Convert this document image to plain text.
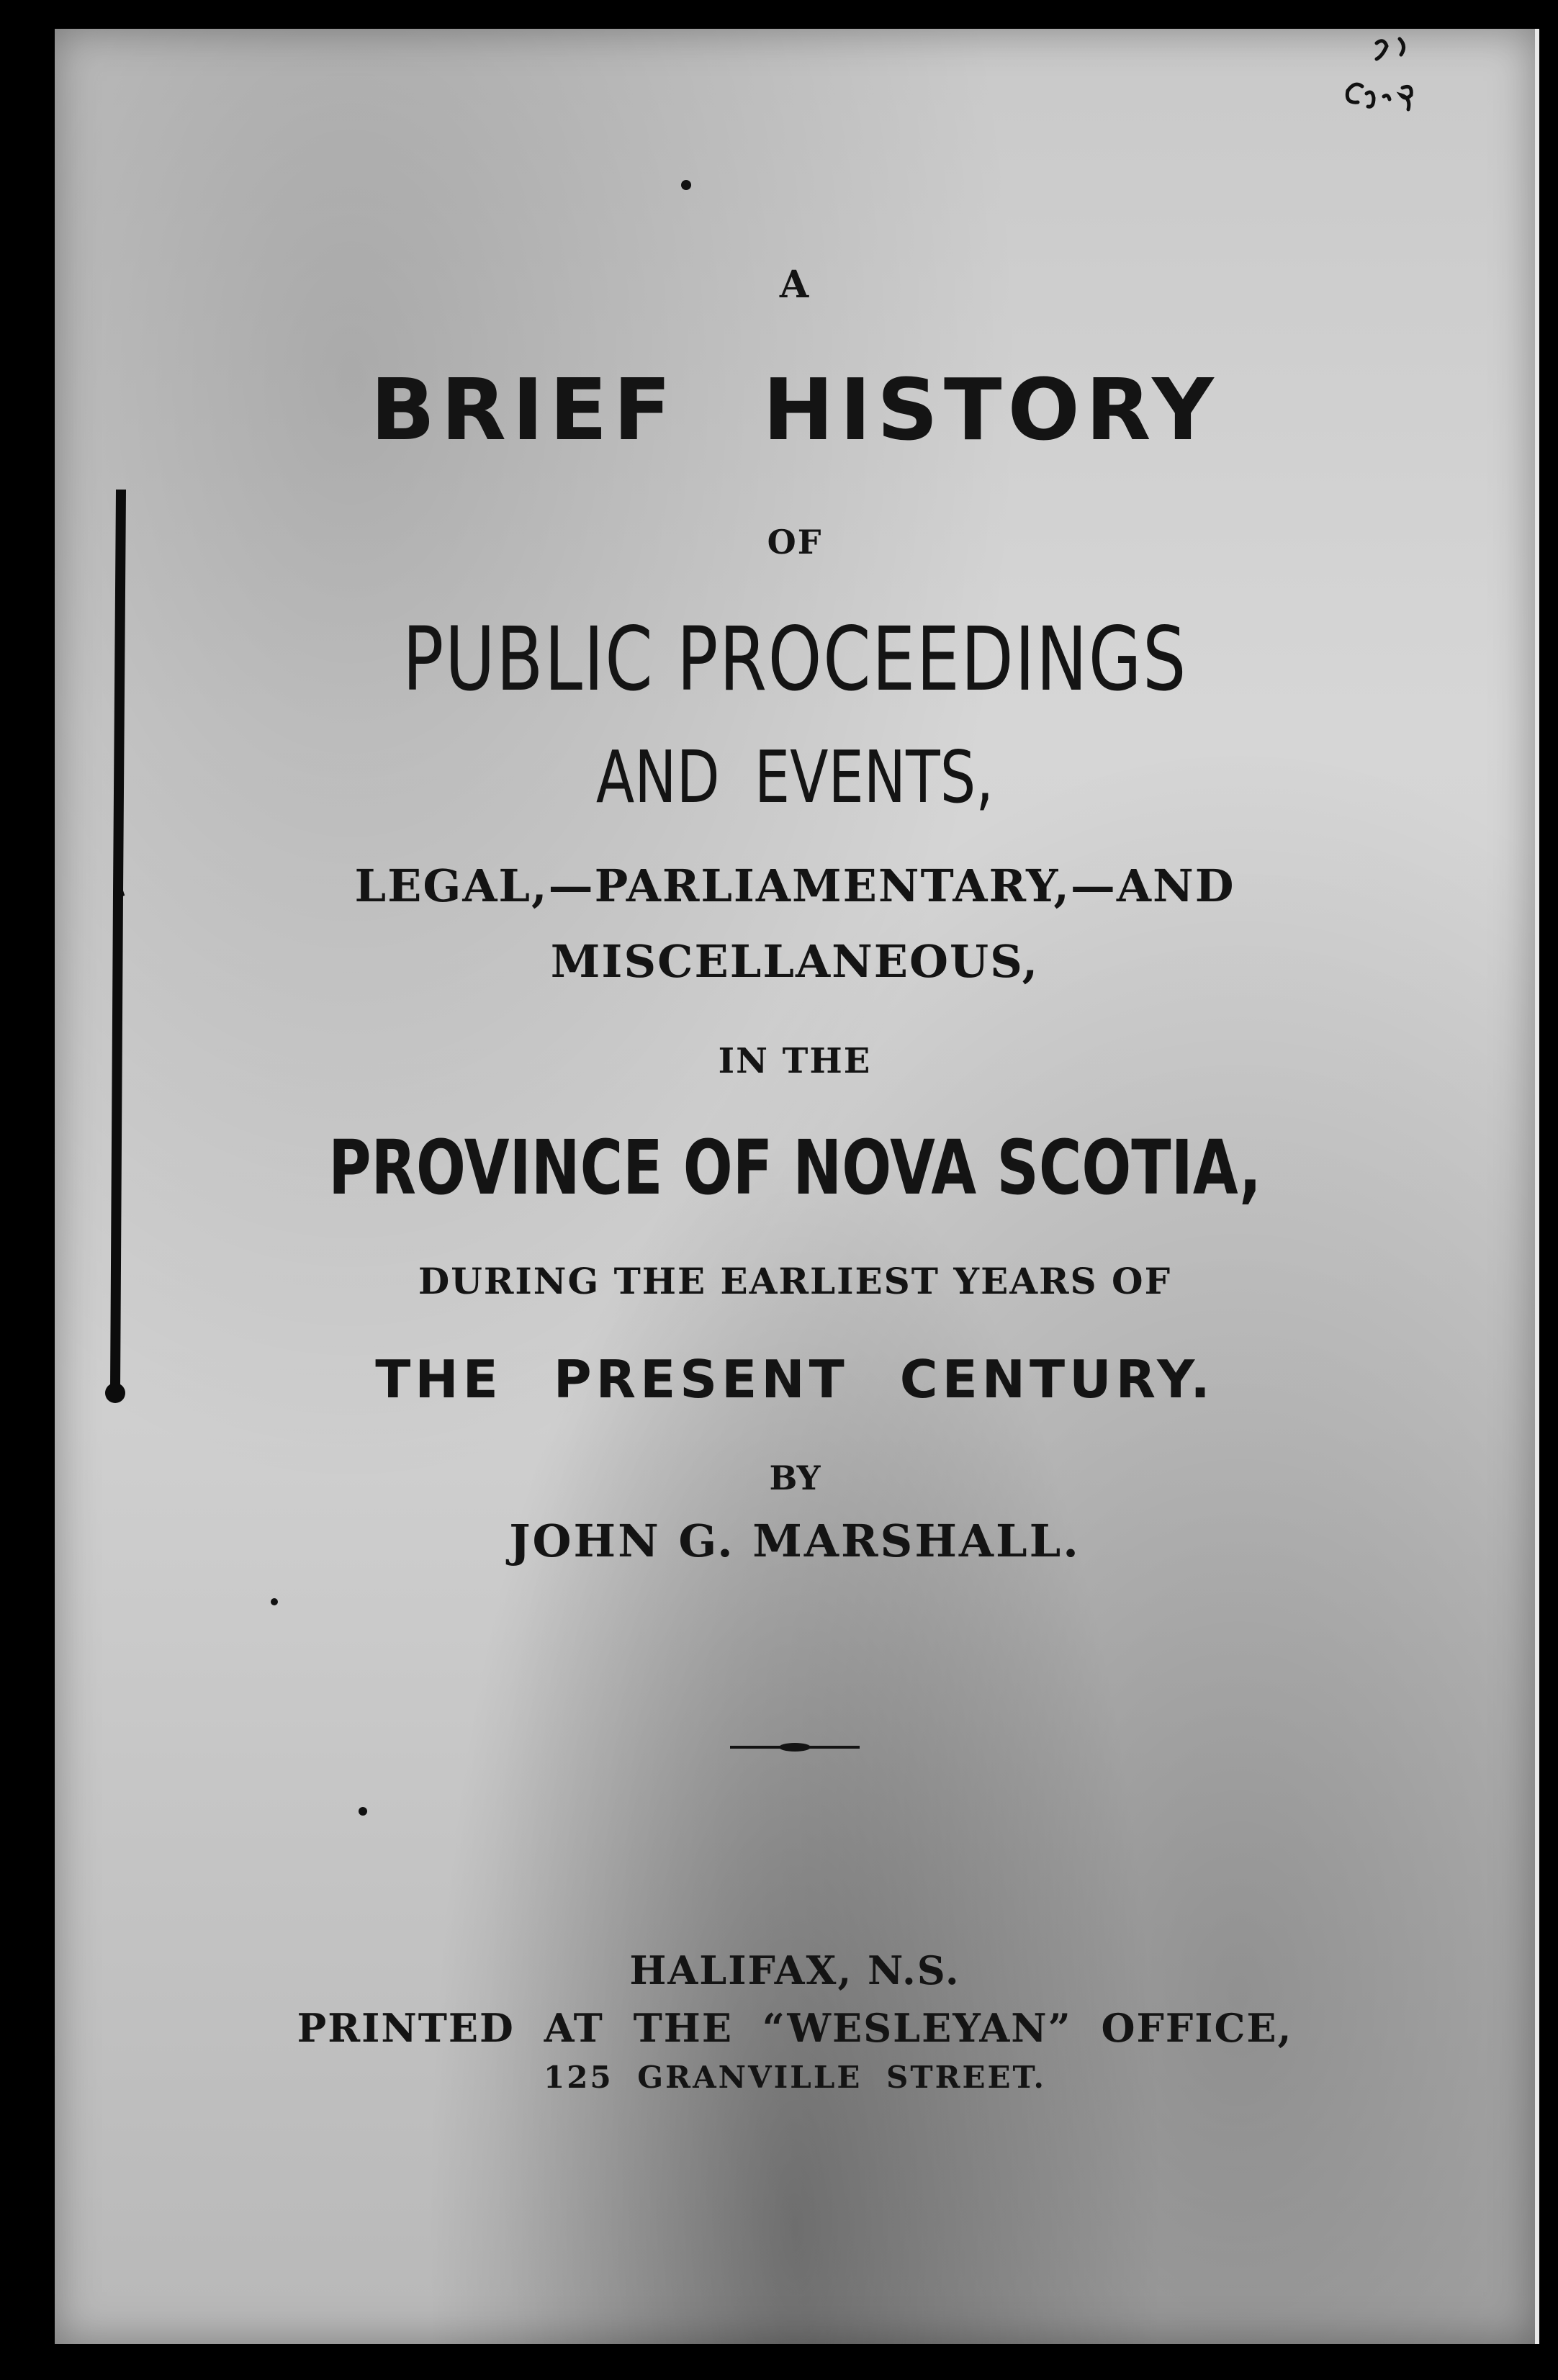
A
BRIEF HISTORY
OF
PUBLIC PROCEEDINGS
AND EVENTS,
LEGAL,—PARLIAMENTARY,—AND
MISCELLANEOUS,
IN THE
PROVINCE OF NOVA SCOTIA,
DURING THE EARLIEST YEARS OF
THE PRESENT CENTURY.
BY
JOHN G. MARSHALL.
HALIFAX, N.S.
PRINTED AT THE “WESLEYAN” OFFICE,
125 GRANVILLE STREET.
